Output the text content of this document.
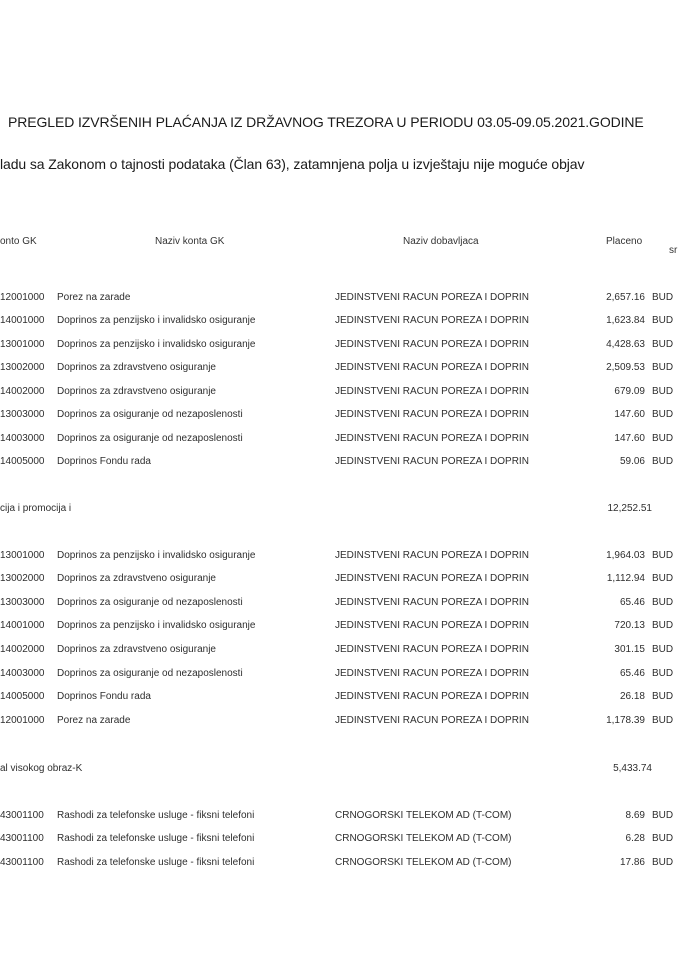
PREGLED IZVRŠENIH PLAĆANJA IZ DRŽAVNOG TREZORA U PERIODU 03.05-09.05.2021.GODINE
ladu sa Zakonom o tajnosti podataka (Član 63), zatamnjena polja u izvještaju nije moguće objav
onto GK	Naziv konta GK	Naziv dobavljaca	Placeno
sr
12001000 Porez na zarade	JEDINSTVENI RACUN POREZA I DOPRIN	2,657.16 BUD
14001000 Doprinos za penzijsko i invalidsko osiguranje	JEDINSTVENI RACUN POREZA I DOPRIN	1,623.84 BUD
13001000 Doprinos za penzijsko i invalidsko osiguranje	JEDINSTVENI RACUN POREZA I DOPRIN	4,428.63 BUD
13002000 Doprinos za zdravstveno osiguranje	JEDINSTVENI RACUN POREZA I DOPRIN	2,509.53 BUD
14002000 Doprinos za zdravstveno osiguranje	JEDINSTVENI RACUN POREZA I DOPRIN	679.09 BUD
13003000 Doprinos za osiguranje od nezaposlenosti	JEDINSTVENI RACUN POREZA I DOPRIN	147.60 BUD
14003000 Doprinos za osiguranje od nezaposlenosti	JEDINSTVENI RACUN POREZA I DOPRIN	147.60 BUD
14005000 Doprinos Fondu rada	JEDINSTVENI RACUN POREZA I DOPRIN	59.06 BUD
cija i promocija i	12,252.51
13001000 Doprinos za penzijsko i invalidsko osiguranje	JEDINSTVENI RACUN POREZA I DOPRIN	1,964.03 BUD
13002000 Doprinos za zdravstveno osiguranje	JEDINSTVENI RACUN POREZA I DOPRIN	1,112.94 BUD
13003000 Doprinos za osiguranje od nezaposlenosti	JEDINSTVENI RACUN POREZA I DOPRIN	65.46 BUD
14001000 Doprinos za penzijsko i invalidsko osiguranje	JEDINSTVENI RACUN POREZA I DOPRIN	720.13 BUD
14002000 Doprinos za zdravstveno osiguranje	JEDINSTVENI RACUN POREZA I DOPRIN	301.15 BUD
14003000 Doprinos za osiguranje od nezaposlenosti	JEDINSTVENI RACUN POREZA I DOPRIN	65.46 BUD
14005000 Doprinos Fondu rada	JEDINSTVENI RACUN POREZA I DOPRIN	26.18 BUD
12001000 Porez na zarade	JEDINSTVENI RACUN POREZA I DOPRIN	1,178.39 BUD
al visokog obraz-K	5,433.74
43001100 Rashodi za telefonske usluge - fiksni telefoni	CRNOGORSKI TELEKOM AD (T-COM)	8.69 BUD
43001100 Rashodi za telefonske usluge - fiksni telefoni	CRNOGORSKI TELEKOM AD (T-COM)	6.28 BUD
43001100 Rashodi za telefonske usluge - fiksni telefoni	CRNOGORSKI TELEKOM AD (T-COM)	17.86 BUD
